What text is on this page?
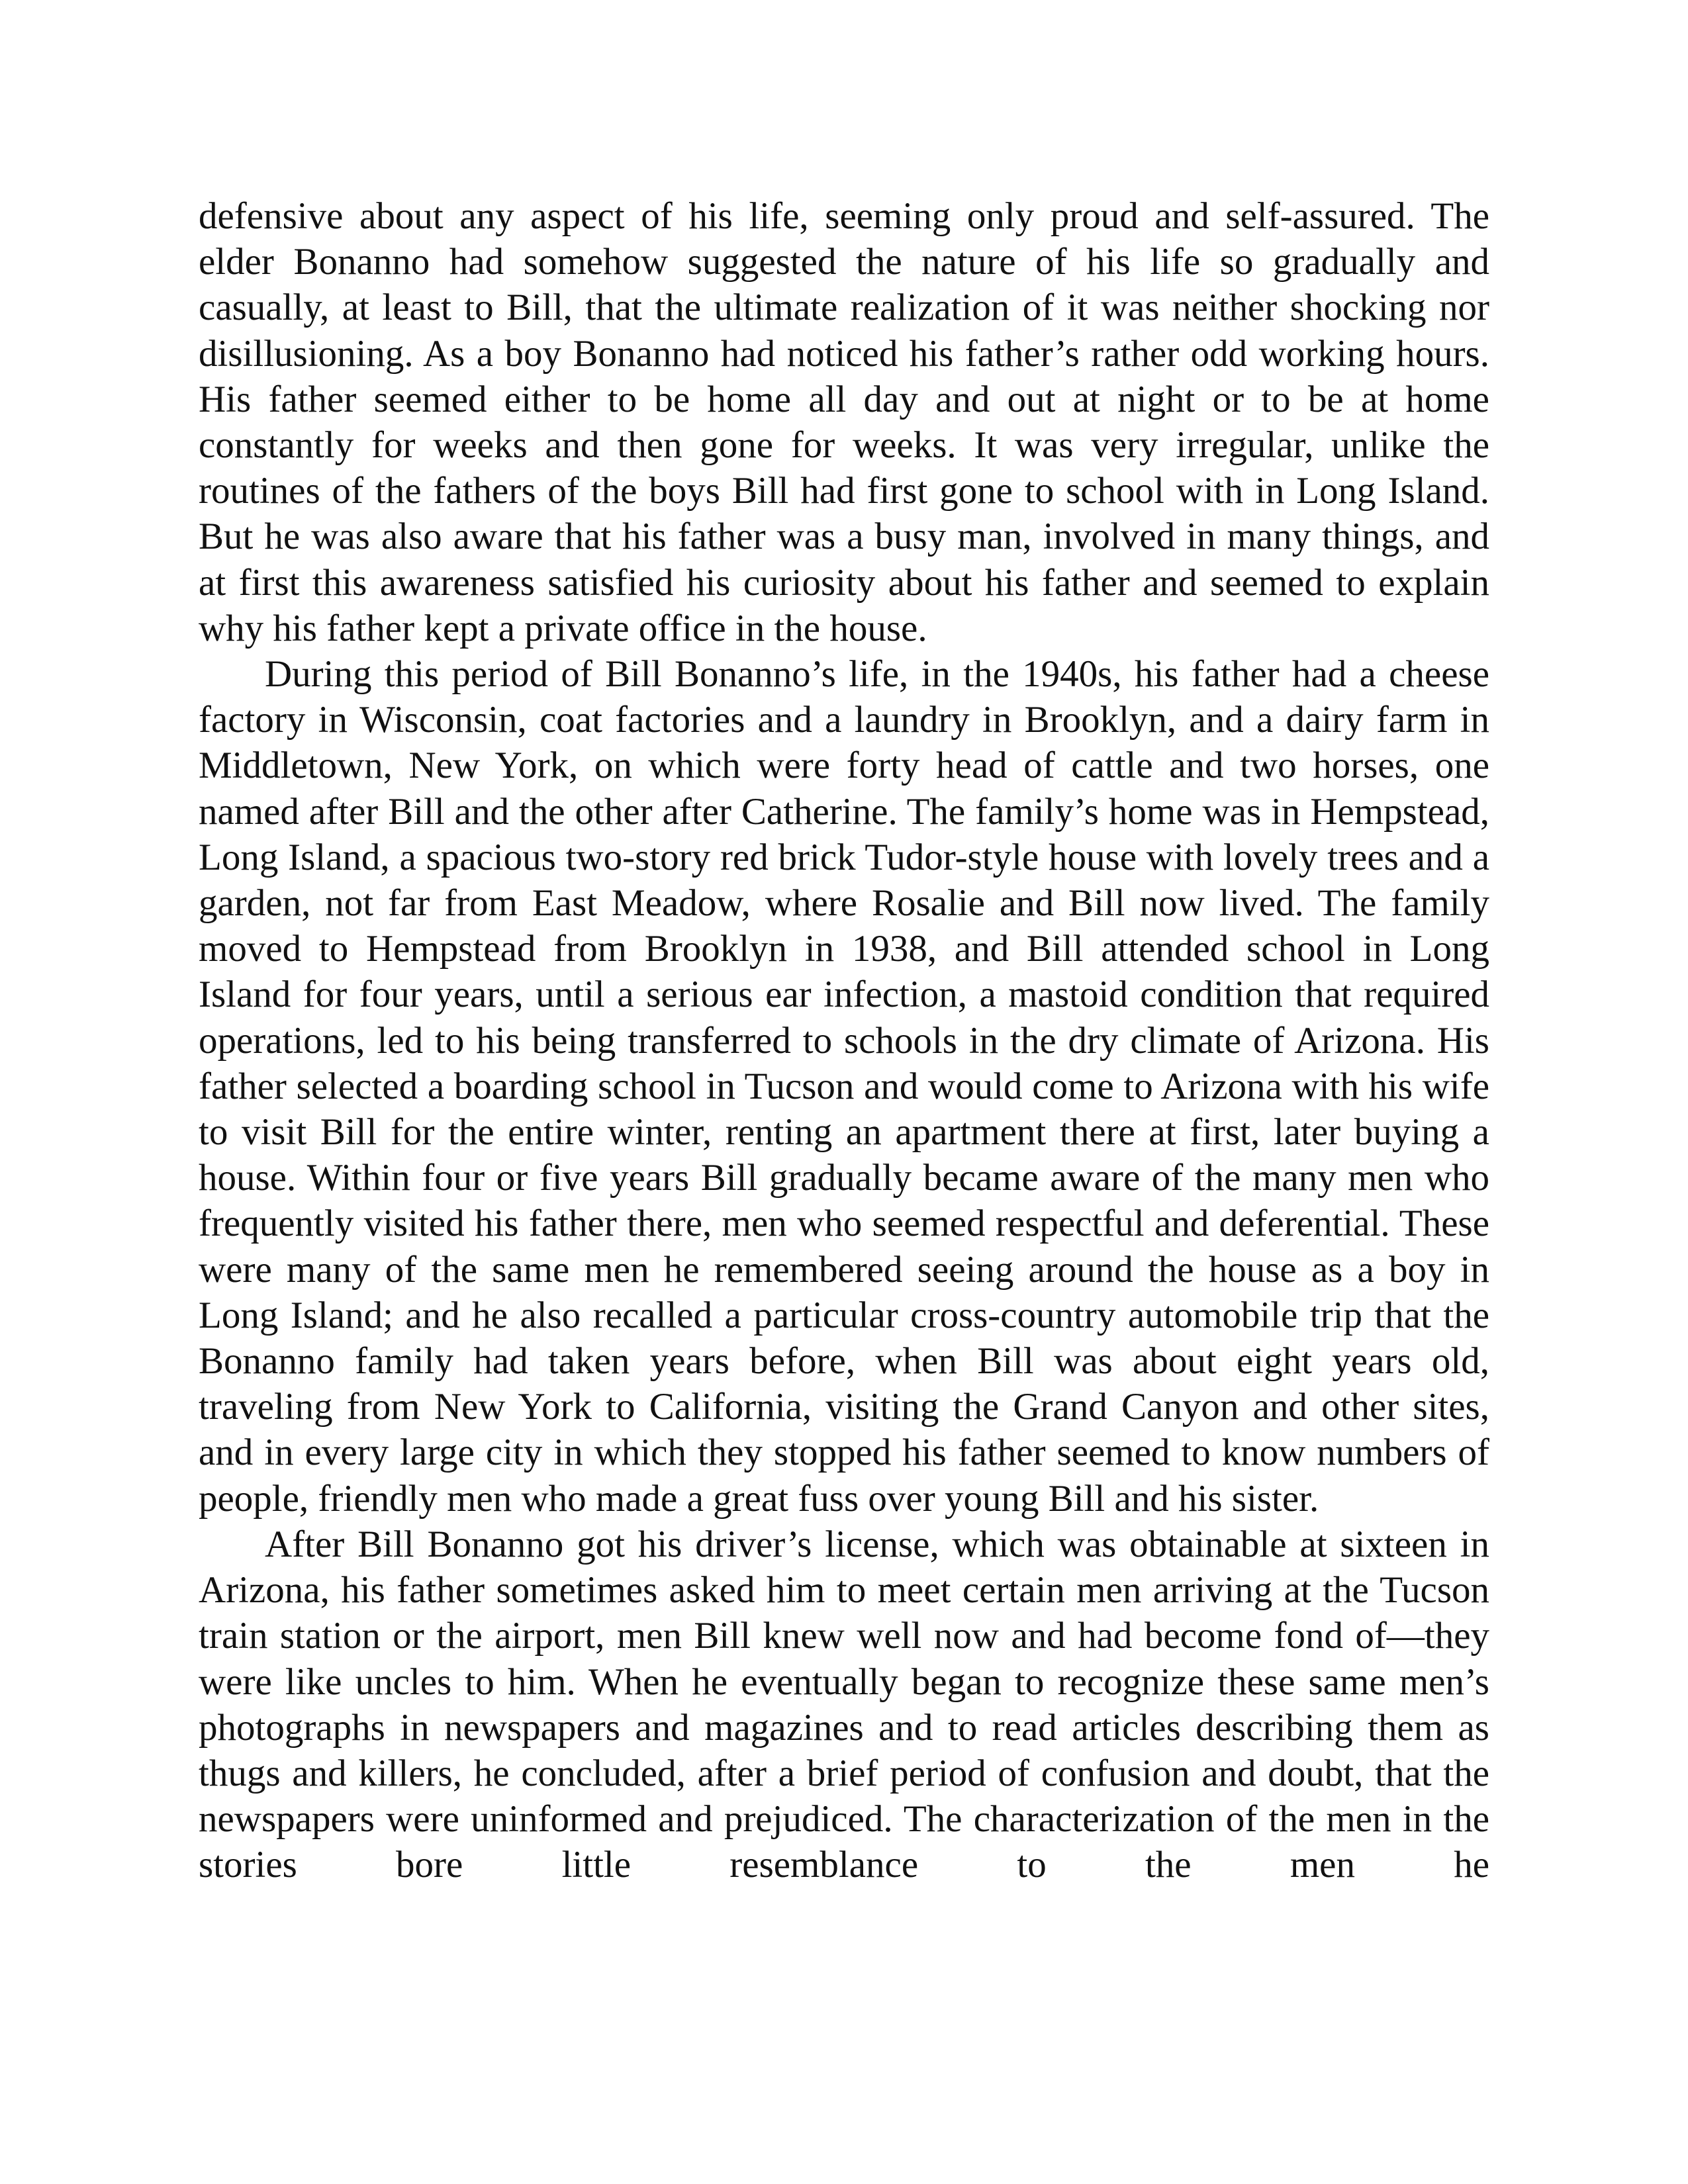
defensive about any aspect of his life, seeming only proud and self-assured. The elder Bonanno had somehow suggested the nature of his life so gradually and casually, at least to Bill, that the ultimate realization of it was neither shocking nor disillusioning. As a boy Bonanno had noticed his father’s rather odd working hours. His father seemed either to be home all day and out at night or to be at home constantly for weeks and then gone for weeks. It was very irregular, unlike the routines of the fathers of the boys Bill had first gone to school with in Long Island. But he was also aware that his father was a busy man, involved in many things, and at first this awareness satisfied his curiosity about his father and seemed to explain why his father kept a private office in the house.

During this period of Bill Bonanno’s life, in the 1940s, his father had a cheese factory in Wisconsin, coat factories and a laundry in Brooklyn, and a dairy farm in Middletown, New York, on which were forty head of cattle and two horses, one named after Bill and the other after Catherine. The family’s home was in Hempstead, Long Island, a spacious two-story red brick Tudor-style house with lovely trees and a garden, not far from East Meadow, where Rosalie and Bill now lived. The family moved to Hempstead from Brooklyn in 1938, and Bill attended school in Long Island for four years, until a serious ear infection, a mastoid condition that required operations, led to his being transferred to schools in the dry climate of Arizona. His father selected a boarding school in Tucson and would come to Arizona with his wife to visit Bill for the entire winter, renting an apartment there at first, later buying a house. Within four or five years Bill gradually became aware of the many men who frequently visited his father there, men who seemed respectful and deferential. These were many of the same men he remembered seeing around the house as a boy in Long Island; and he also recalled a particular cross-country automobile trip that the Bonanno family had taken years before, when Bill was about eight years old, traveling from New York to California, visiting the Grand Canyon and other sites, and in every large city in which they stopped his father seemed to know numbers of people, friendly men who made a great fuss over young Bill and his sister.

After Bill Bonanno got his driver’s license, which was obtainable at sixteen in Arizona, his father sometimes asked him to meet certain men arriving at the Tucson train station or the airport, men Bill knew well now and had become fond of—they were like uncles to him. When he eventually began to recognize these same men’s photographs in newspapers and magazines and to read articles describing them as thugs and killers, he concluded, after a brief period of confusion and doubt, that the newspapers were uninformed and prejudiced. The characterization of the men in the stories bore little resemblance to the men he
